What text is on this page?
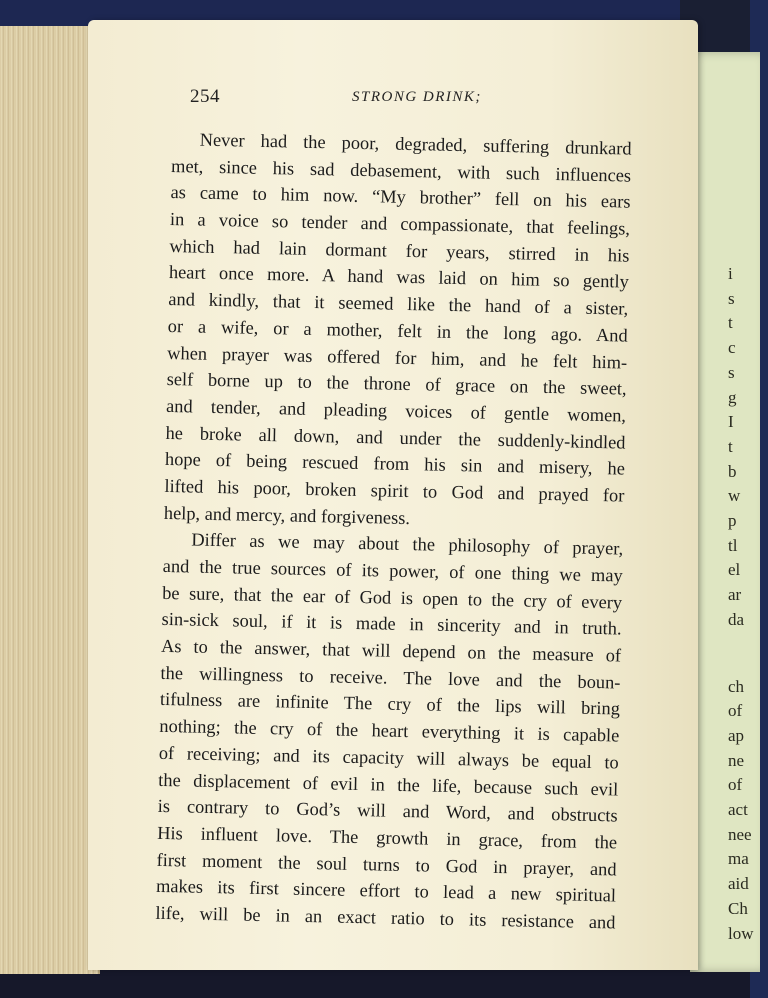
i
s
t
c
s
g
I
t
b
w
p
tl
el
ar
da
ch
of
ap
ne
of
act
nee
ma
aid
Ch
low
254	STRONG DRINK;
Never had the poor, degraded, suffering drunkard
met, since his sad debasement, with such influences
as came to him now. “My brother” fell on his ears
in a voice so tender and compassionate, that feelings,
which had lain dormant for years, stirred in his
heart once more. A hand was laid on him so gently
and kindly, that it seemed like the hand of a sister,
or a wife, or a mother, felt in the long ago. And
when prayer was offered for him, and he felt him-
self borne up to the throne of grace on the sweet,
and tender, and pleading voices of gentle women,
he broke all down, and under the suddenly-kindled
hope of being rescued from his sin and misery, he
lifted his poor, broken spirit to God and prayed for
help, and mercy, and forgiveness.
Differ as we may about the philosophy of prayer,
and the true sources of its power, of one thing we may
be sure, that the ear of God is open to the cry of every
sin-sick soul, if it is made in sincerity and in truth.
As to the answer, that will depend on the measure of
the willingness to receive. The love and the boun-
tifulness are infinite The cry of the lips will bring
nothing; the cry of the heart everything it is capable
of receiving; and its capacity will always be equal to
the displacement of evil in the life, because such evil
is contrary to God’s will and Word, and obstructs
His influent love. The growth in grace, from the
first moment the soul turns to God in prayer, and
makes its first sincere effort to lead a new spiritual
life, will be in an exact ratio to its resistance and
